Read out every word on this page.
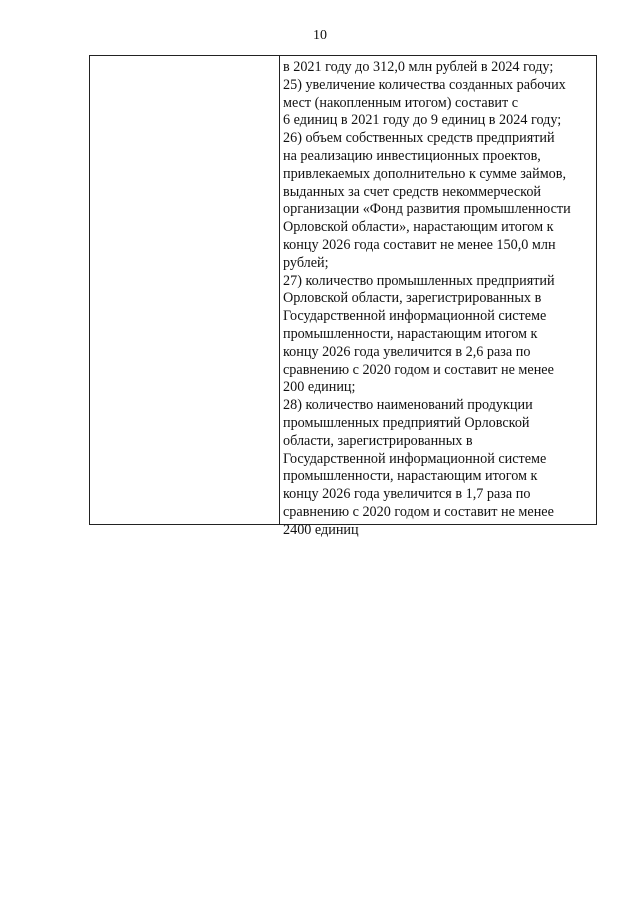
10
в 2021 году до 312,0 млн рублей в 2024 году;
25) увеличение количества созданных рабочих
мест (накопленным итогом) составит с
6 единиц в 2021 году до 9 единиц в 2024 году;
26) объем собственных средств предприятий
на реализацию инвестиционных проектов,
привлекаемых дополнительно к сумме займов,
выданных за счет средств некоммерческой
организации «Фонд развития промышленности
Орловской области», нарастающим итогом к
концу 2026 года составит не менее 150,0 млн
рублей;
27) количество промышленных предприятий
Орловской области, зарегистрированных в
Государственной информационной системе
промышленности, нарастающим итогом к
концу 2026 года увеличится в 2,6 раза по
сравнению с 2020 годом и составит не менее
200 единиц;
28) количество наименований продукции
промышленных предприятий Орловской
области, зарегистрированных в
Государственной информационной системе
промышленности, нарастающим итогом к
концу 2026 года увеличится в 1,7 раза по
сравнению с 2020 годом и составит не менее
2400 единиц
